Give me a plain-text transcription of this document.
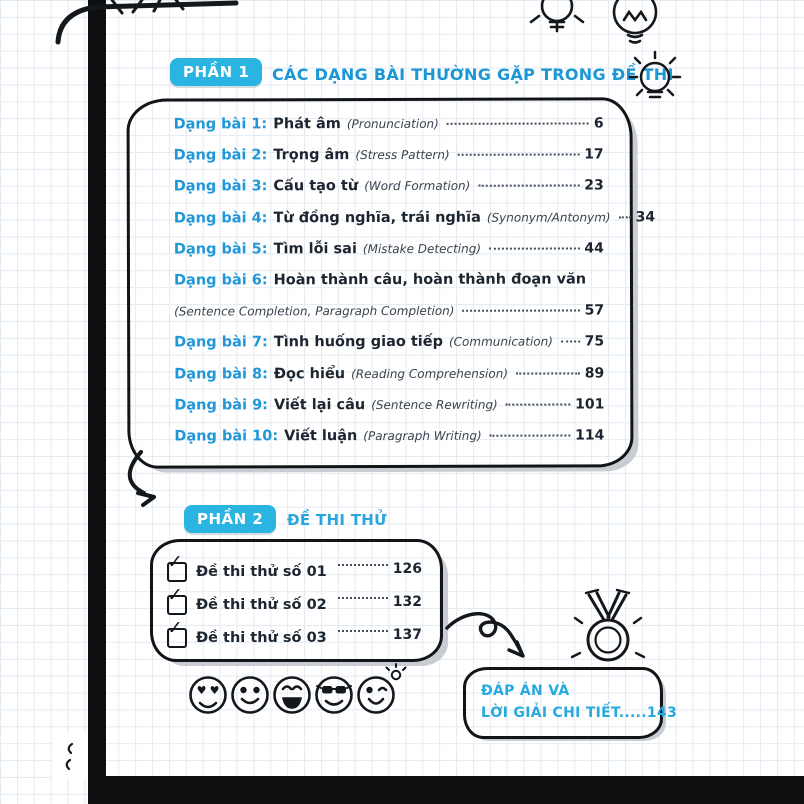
PHẦN 1	CÁC DẠNG BÀI THƯỜNG GẶP TRONG ĐỀ THI
Dạng bài 1: Phát âm (Pronunciation)	6
Dạng bài 2: Trọng âm (Stress Pattern)	17
Dạng bài 3: Cấu tạo từ (Word Formation)	23
Dạng bài 4: Từ đồng nghĩa, trái nghĩa (Synonym/Antonym) 34
Dạng bài 5: Tìm lỗi sai (Mistake Detecting)	44
Dạng bài 6: Hoàn thành câu, hoàn thành đoạn văn
(Sentence Completion, Paragraph Completion)	57
Dạng bài 7: Tình huống giao tiếp (Communication) 75
Dạng bài 8: Đọc hiểu (Reading Comprehension)	89
Dạng bài 9: Viết lại câu (Sentence Rewriting)	101
Dạng bài 10: Viết luận (Paragraph Writing)	114
PHẦN 2	ĐỀ THI THỬ
✓ Đề thi thử số 01	126
✓ Đề thi thử số 02	132
✓ Đề thi thử số 03	137
ĐÁP ÁN VÀ
LỜI GIẢI CHI TIẾT.....143
♥ ♥
